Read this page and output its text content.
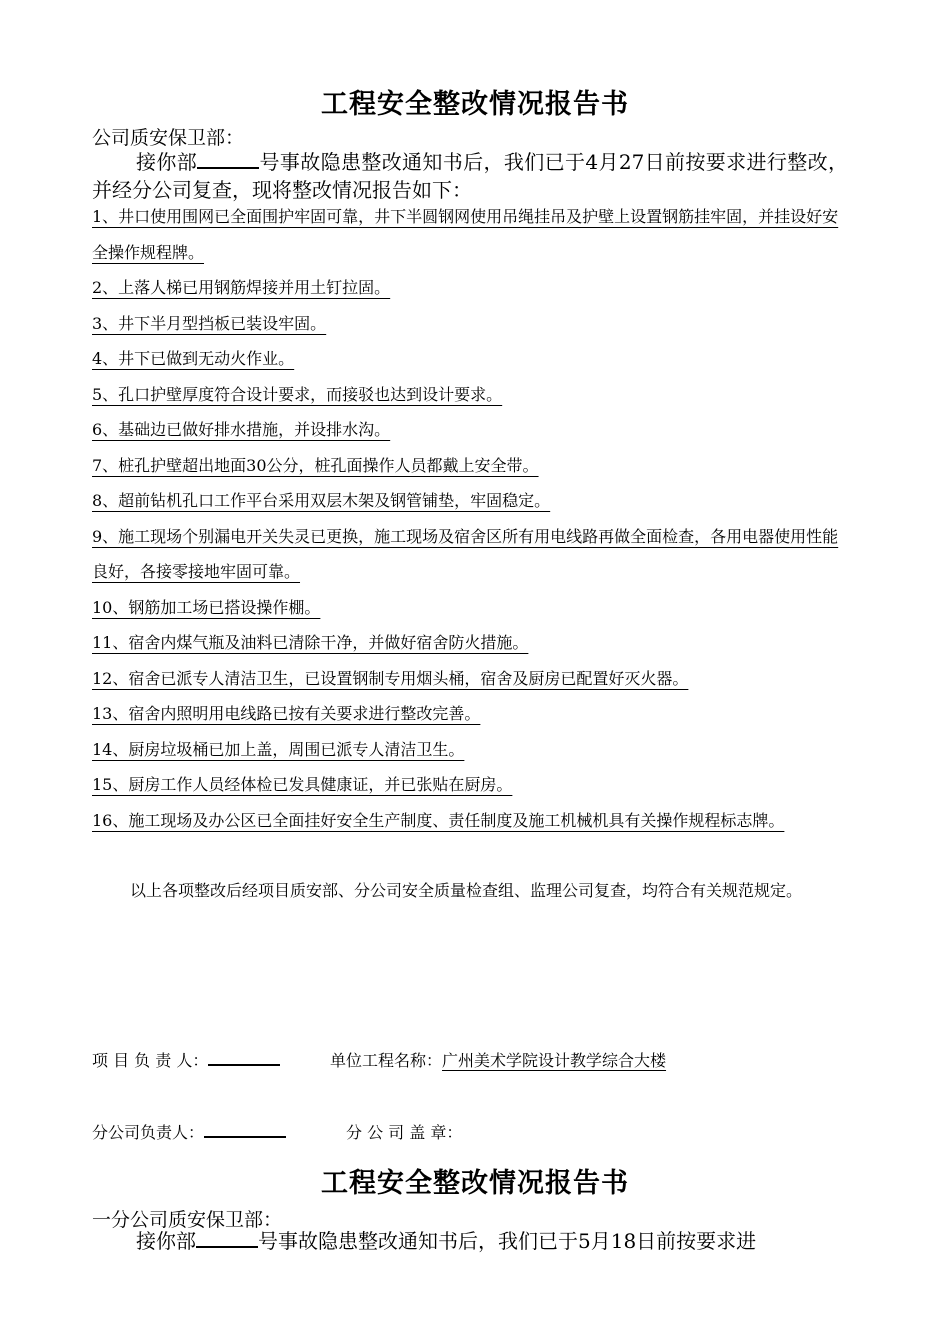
工程安全整改情况报告书
公司质安保卫部：
接你部	号事故隐患整改通知书后，我们已于4月27日前按要求进行整改，并经分公司复查，现将整改情况报告如下：
1、井口使用围网已全面围护牢固可靠，井下半圆钢网使用吊绳挂吊及护壁上设置钢筋挂牢固，并挂设好安全操作规程牌。
2、上落人梯已用钢筋焊接并用土钉拉固。
3、井下半月型挡板已装设牢固。
4、井下已做到无动火作业。
5、孔口护壁厚度符合设计要求，而接驳也达到设计要求。
6、基础边已做好排水措施，并设排水沟。
7、桩孔护壁超出地面30公分，桩孔面操作人员都戴上安全带。
8、超前钻机孔口工作平台采用双层木架及钢管铺垫，牢固稳定。
9、施工现场个别漏电开关失灵已更换，施工现场及宿舍区所有用电线路再做全面检查，各用电器使用性能良好，各接零接地牢固可靠。
10、钢筋加工场已搭设操作棚。
11、宿舍内煤气瓶及油料已清除干净，并做好宿舍防火措施。
12、宿舍已派专人清洁卫生，已设置钢制专用烟头桶，宿舍及厨房已配置好灭火器。
13、宿舍内照明用电线路已按有关要求进行整改完善。
14、厨房垃圾桶已加上盖，周围已派专人清洁卫生。
15、厨房工作人员经体检已发具健康证，并已张贴在厨房。
16、施工现场及办公区已全面挂好安全生产制度、责任制度及施工机械机具有关操作规程标志牌。
以上各项整改后经项目质安部、分公司安全质量检查组、监理公司复查，均符合有关规范规定。
项 目 负 责 人：	单位工程名称：广州美术学院设计教学综合大楼
分公司负责人：	分 公 司 盖 章：
工程安全整改情况报告书
一分公司质安保卫部：
接你部	号事故隐患整改通知书后，我们已于5月18日前按要求进
